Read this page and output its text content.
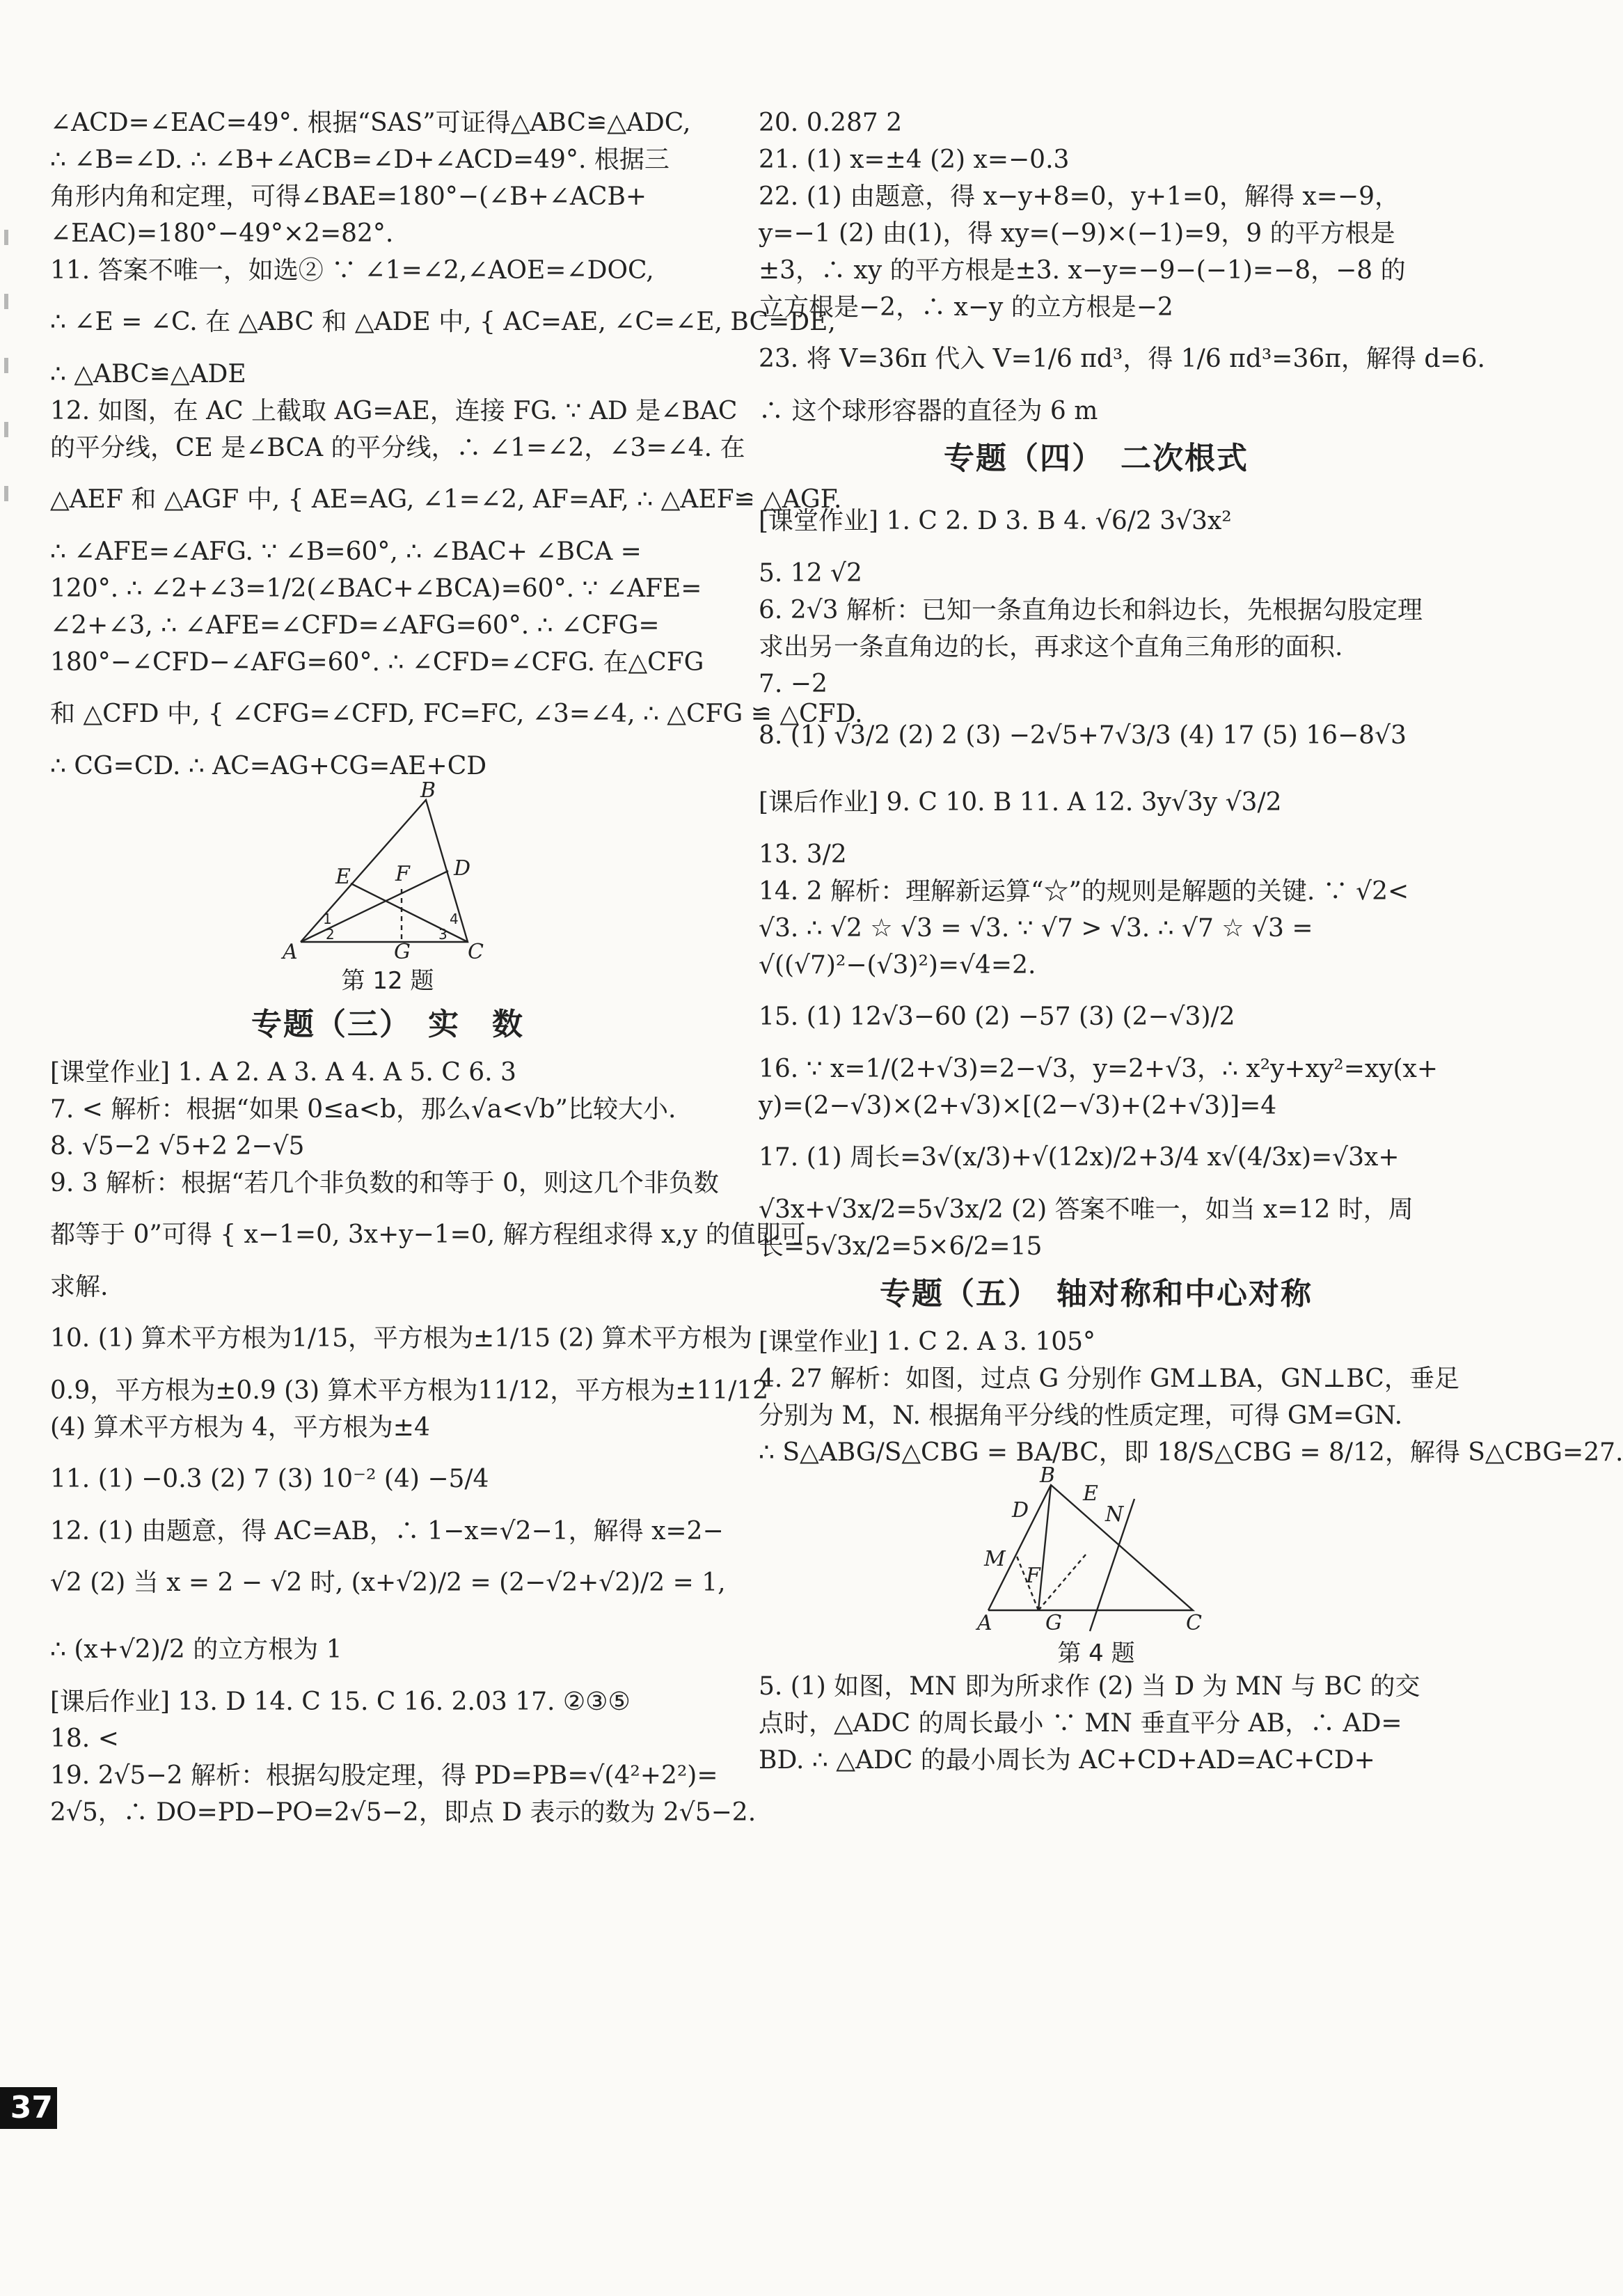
∠ACD=∠EAC=49°. 根据“SAS”可证得△ABC≌△ADC,
∴ ∠B=∠D. ∴ ∠B+∠ACB=∠D+∠ACD=49°. 根据三
角形内角和定理，可得∠BAE=180°−(∠B+∠ACB+
∠EAC)=180°−49°×2=82°.
11. 答案不唯一，如选② ∵ ∠1=∠2,∠AOE=∠DOC,
∴ ∠E = ∠C. 在 △ABC 和 △ADE 中, { AC=AE, ∠C=∠E, BC=DE,
∴ △ABC≌△ADE
12. 如图，在 AC 上截取 AG=AE，连接 FG. ∵ AD 是∠BAC
的平分线，CE 是∠BCA 的平分线，∴ ∠1=∠2，∠3=∠4. 在
△AEF 和 △AGF 中, { AE=AG, ∠1=∠2, AF=AF, ∴ △AEF≌ △AGF.
∴ ∠AFE=∠AFG. ∵ ∠B=60°, ∴ ∠BAC+ ∠BCA =
120°. ∴ ∠2+∠3=1/2(∠BAC+∠BCA)=60°. ∵ ∠AFE=
∠2+∠3, ∴ ∠AFE=∠CFD=∠AFG=60°. ∴ ∠CFG=
180°−∠CFD−∠AFG=60°. ∴ ∠CFD=∠CFG. 在△CFG
和 △CFD 中, { ∠CFG=∠CFD, FC=FC, ∠3=∠4, ∴ △CFG ≌ △CFD.
∴ CG=CD. ∴ AC=AG+CG=AE+CD
B
E F D
A	G	C
1
2	3
4
第 12 题
专题（三）　实　数
[课堂作业] 1. A 2. A 3. A 4. A 5. C 6. 3
7. < 解析：根据“如果 0≤a<b，那么√a<√b”比较大小.
8. √5−2 √5+2 2−√5
9. 3 解析：根据“若几个非负数的和等于 0，则这几个非负数
都等于 0”可得 { x−1=0, 3x+y−1=0, 解方程组求得 x,y 的值即可
求解.
10. (1) 算术平方根为1/15，平方根为±1/15 (2) 算术平方根为
0.9，平方根为±0.9 (3) 算术平方根为11/12，平方根为±11/12
(4) 算术平方根为 4，平方根为±4
11. (1) −0.3 (2) 7 (3) 10⁻² (4) −5/4
12. (1) 由题意，得 AC=AB，∴ 1−x=√2−1，解得 x=2−
√2 (2) 当 x = 2 − √2 时, (x+√2)/2 = (2−√2+√2)/2 = 1,
∴ (x+√2)/2 的立方根为 1
[课后作业] 13. D 14. C 15. C 16. 2.03 17. ②③⑤
18. <
19. 2√5−2 解析：根据勾股定理，得 PD=PB=√(4²+2²)=
2√5，∴ DO=PD−PO=2√5−2，即点 D 表示的数为 2√5−2.
20. 0.287 2
21. (1) x=±4 (2) x=−0.3
22. (1) 由题意，得 x−y+8=0，y+1=0，解得 x=−9，
y=−1 (2) 由(1)，得 xy=(−9)×(−1)=9，9 的平方根是
±3，∴ xy 的平方根是±3. x−y=−9−(−1)=−8，−8 的
立方根是−2，∴ x−y 的立方根是−2
23. 将 V=36π 代入 V=1/6 πd³，得 1/6 πd³=36π，解得 d=6.
∴ 这个球形容器的直径为 6 m
专题（四）　二次根式
[课堂作业] 1. C 2. D 3. B 4. √6/2 3√3x²
5. 12 √2
6. 2√3 解析：已知一条直角边长和斜边长，先根据勾股定理
求出另一条直角边的长，再求这个直角三角形的面积.
7. −2
8. (1) √3/2 (2) 2 (3) −2√5+7√3/3 (4) 17 (5) 16−8√3
[课后作业] 9. C 10. B 11. A 12. 3y√3y √3/2
13. 3/2
14. 2 解析：理解新运算“☆”的规则是解题的关键. ∵ √2<
√3. ∴ √2 ☆ √3 = √3. ∵ √7 > √3. ∴ √7 ☆ √3 =
√((√7)²−(√3)²)=√4=2.
15. (1) 12√3−60 (2) −57 (3) (2−√3)/2
16. ∵ x=1/(2+√3)=2−√3，y=2+√3，∴ x²y+xy²=xy(x+
y)=(2−√3)×(2+√3)×[(2−√3)+(2+√3)]=4
17. (1) 周长=3√(x/3)+√(12x)/2+3/4 x√(4/3x)=√3x+
√3x+√3x/2=5√3x/2 (2) 答案不唯一，如当 x=12 时，周
长=5√3x/2=5×6/2=15
专题（五）　轴对称和中心对称
[课堂作业] 1. C 2. A 3. 105°
4. 27 解析：如图，过点 G 分别作 GM⊥BA，GN⊥BC，垂足
分别为 M，N. 根据角平分线的性质定理，可得 GM=GN.
∴ S△ABG/S△CBG = BA/BC，即 18/S△CBG = 8/12，解得 S△CBG=27.
B
E
N
D
M
F
A	G	C
第 4 题
5. (1) 如图，MN 即为所求作 (2) 当 D 为 MN 与 BC 的交
点时，△ADC 的周长最小 ∵ MN 垂直平分 AB，∴ AD=
BD. ∴ △ADC 的最小周长为 AC+CD+AD=AC+CD+
37
